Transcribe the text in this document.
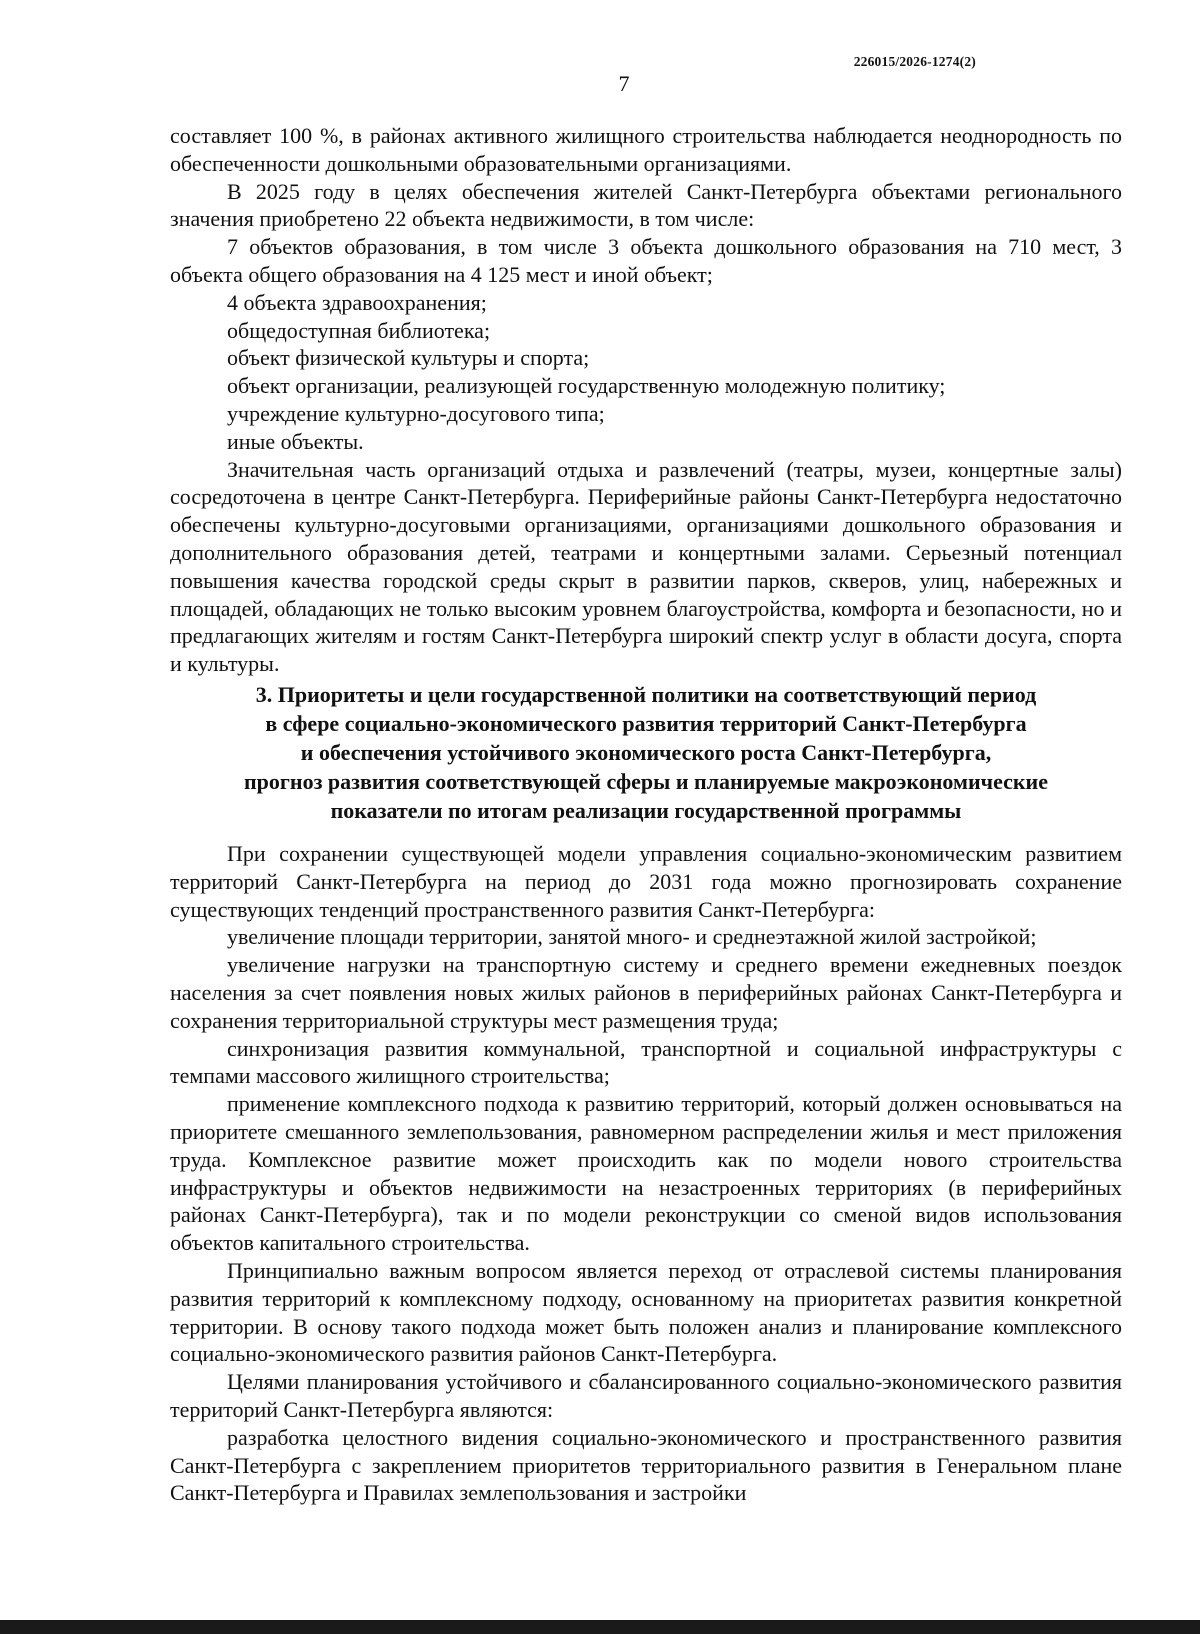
226015/2026-1274(2)
7

составляет 100 %, в районах активного жилищного строительства наблюдается неоднородность по обеспеченности дошкольными образовательными организациями.

В 2025 году в целях обеспечения жителей Санкт-Петербурга объектами регионального значения приобретено 22 объекта недвижимости, в том числе:

7 объектов образования, в том числе 3 объекта дошкольного образования на 710 мест, 3 объекта общего образования на 4 125 мест и иной объект;

4 объекта здравоохранения;

общедоступная библиотека;

объект физической культуры и спорта;

объект организации, реализующей государственную молодежную политику;

учреждение культурно-досугового типа;

иные объекты.

Значительная часть организаций отдыха и развлечений (театры, музеи, концертные залы) сосредоточена в центре Санкт-Петербурга. Периферийные районы Санкт-Петербурга недостаточно обеспечены культурно-досуговыми организациями, организациями дошкольного образования и дополнительного образования детей, театрами и концертными залами. Серьезный потенциал повышения качества городской среды скрыт в развитии парков, скверов, улиц, набережных и площадей, обладающих не только высоким уровнем благоустройства, комфорта и безопасности, но и предлагающих жителям и гостям Санкт-Петербурга широкий спектр услуг в области досуга, спорта и культуры.

3. Приоритеты и цели государственной политики на соответствующий период
в сфере социально-экономического развития территорий Санкт-Петербурга
и обеспечения устойчивого экономического роста Санкт-Петербурга,
прогноз развития соответствующей сферы и планируемые макроэкономические
показатели по итогам реализации государственной программы

При сохранении существующей модели управления социально-экономическим развитием территорий Санкт-Петербурга на период до 2031 года можно прогнозировать сохранение существующих тенденций пространственного развития Санкт-Петербурга:

увеличение площади территории, занятой много- и среднеэтажной жилой застройкой;

увеличение нагрузки на транспортную систему и среднего времени ежедневных поездок населения за счет появления новых жилых районов в периферийных районах Санкт-Петербурга и сохранения территориальной структуры мест размещения труда;

синхронизация развития коммунальной, транспортной и социальной инфраструктуры с темпами массового жилищного строительства;

применение комплексного подхода к развитию территорий, который должен основываться на приоритете смешанного землепользования, равномерном распределении жилья и мест приложения труда. Комплексное развитие может происходить как по модели нового строительства инфраструктуры и объектов недвижимости на незастроенных территориях (в периферийных районах Санкт-Петербурга), так и по модели реконструкции со сменой видов использования объектов капитального строительства.

Принципиально важным вопросом является переход от отраслевой системы планирования развития территорий к комплексному подходу, основанному на приоритетах развития конкретной территории. В основу такого подхода может быть положен анализ и планирование комплексного социально-экономического развития районов Санкт-Петербурга.

Целями планирования устойчивого и сбалансированного социально-экономического развития территорий Санкт-Петербурга являются:

разработка целостного видения социально-экономического и пространственного развития Санкт-Петербурга с закреплением приоритетов территориального развития в Генеральном плане Санкт-Петербурга и Правилах землепользования и застройки
